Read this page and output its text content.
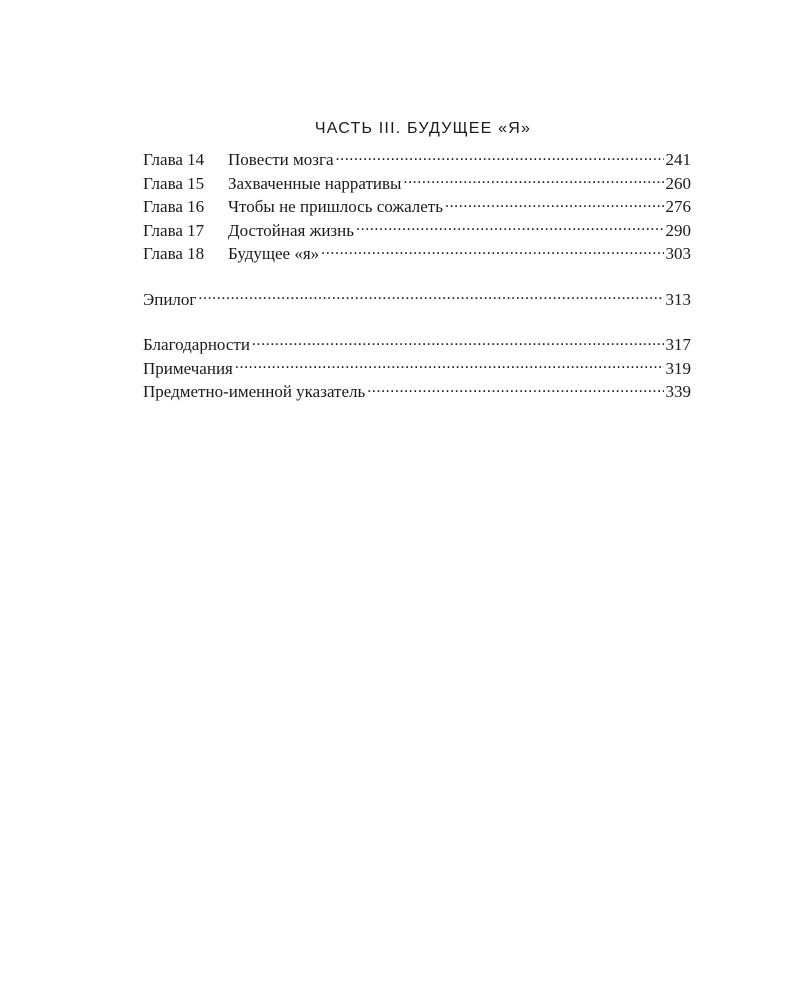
ЧАСТЬ III. БУДУЩЕЕ «Я»
Глава 14	Повести мозга .....	241
Глава 15	Захваченные нарративы .....	260
Глава 16	Чтобы не пришлось сожалеть .....	276
Глава 17	Достойная жизнь .....	290
Глава 18	Будущее «я» .....	303
Эпилог .....	313
Благодарности .....	317
Примечания .....	319
Предметно-именной указатель .....	339
